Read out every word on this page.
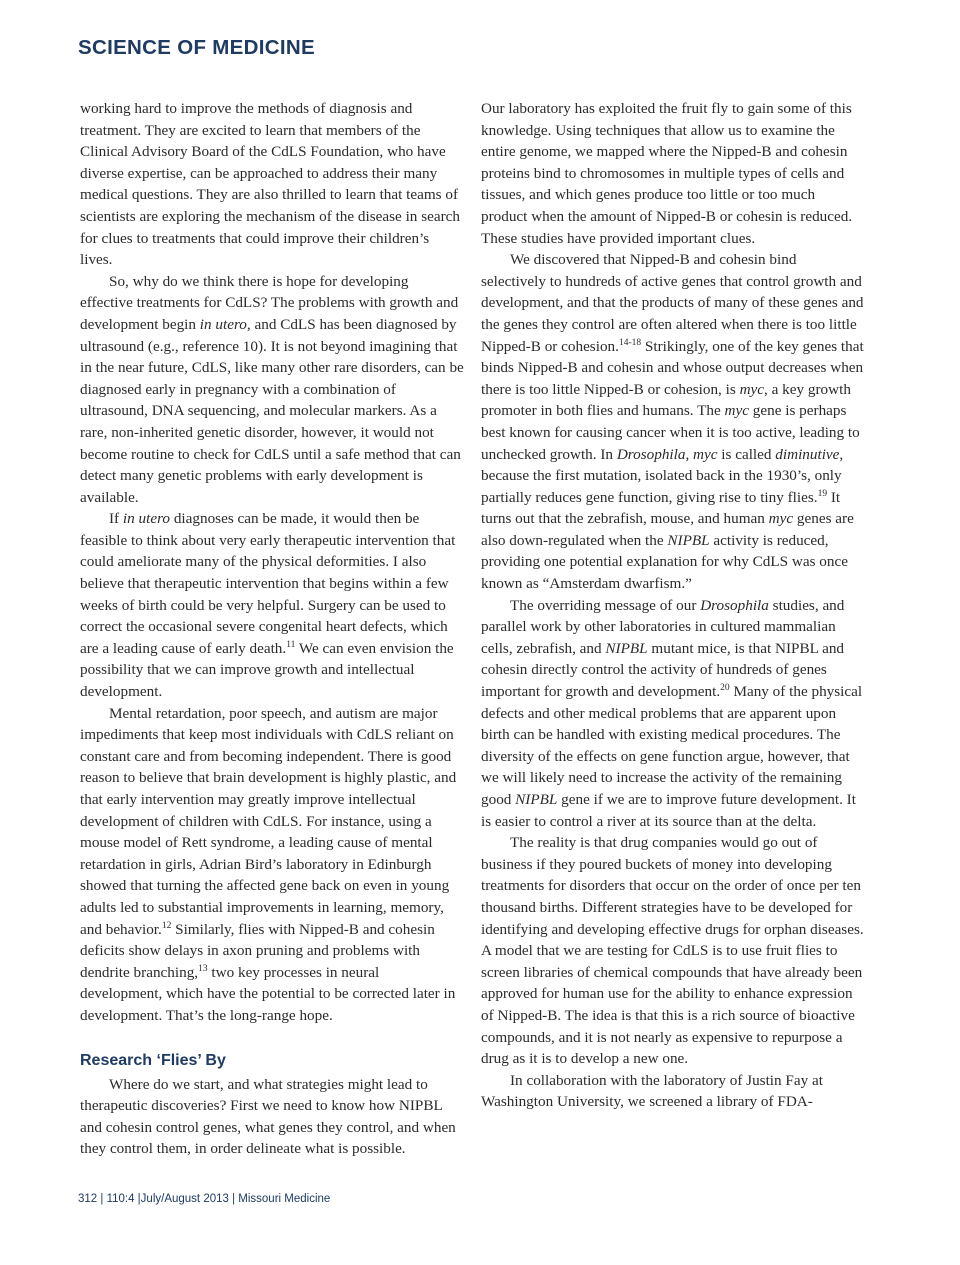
SCIENCE OF MEDICINE

working hard to improve the methods of diagnosis and treatment. They are excited to learn that members of the Clinical Advisory Board of the CdLS Foundation, who have diverse expertise, can be approached to address their many medical questions. They are also thrilled to learn that teams of scientists are exploring the mechanism of the disease in search for clues to treatments that could improve their children’s lives.

So, why do we think there is hope for developing effective treatments for CdLS? The problems with growth and development begin in utero, and CdLS has been diagnosed by ultrasound (e.g., reference 10). It is not beyond imagining that in the near future, CdLS, like many other rare disorders, can be diagnosed early in pregnancy with a combination of ultrasound, DNA sequencing, and molecular markers. As a rare, non-inherited genetic disorder, however, it would not become routine to check for CdLS until a safe method that can detect many genetic problems with early development is available.

If in utero diagnoses can be made, it would then be feasible to think about very early therapeutic intervention that could ameliorate many of the physical deformities. I also believe that therapeutic intervention that begins within a few weeks of birth could be very helpful. Surgery can be used to correct the occasional severe congenital heart defects, which are a leading cause of early death.$^{11}$ We can even envision the possibility that we can improve growth and intellectual development.

Mental retardation, poor speech, and autism are major impediments that keep most individuals with CdLS reliant on constant care and from becoming independent. There is good reason to believe that brain development is highly plastic, and that early intervention may greatly improve intellectual development of children with CdLS. For instance, using a mouse model of Rett syndrome, a leading cause of mental retardation in girls, Adrian Bird’s laboratory in Edinburgh showed that turning the affected gene back on even in young adults led to substantial improvements in learning, memory, and behavior.$^{12}$ Similarly, flies with Nipped-B and cohesin deficits show delays in axon pruning and problems with dendrite branching,$^{13}$ two key processes in neural development, which have the potential to be corrected later in development. That’s the long-range hope.

Research ‘Flies’ By

Where do we start, and what strategies might lead to therapeutic discoveries? First we need to know how NIPBL and cohesin control genes, what genes they control, and when they control them, in order delineate what is possible.

Our laboratory has exploited the fruit fly to gain some of this knowledge. Using techniques that allow us to examine the entire genome, we mapped where the Nipped-B and cohesin proteins bind to chromosomes in multiple types of cells and tissues, and which genes produce too little or too much product when the amount of Nipped-B or cohesin is reduced. These studies have provided important clues.

We discovered that Nipped-B and cohesin bind selectively to hundreds of active genes that control growth and development, and that the products of many of these genes and the genes they control are often altered when there is too little Nipped-B or cohesion.$^{14-18}$ Strikingly, one of the key genes that binds Nipped-B and cohesin and whose output decreases when there is too little Nipped-B or cohesion, is myc, a key growth promoter in both flies and humans. The myc gene is perhaps best known for causing cancer when it is too active, leading to unchecked growth. In Drosophila, myc is called diminutive, because the first mutation, isolated back in the 1930’s, only partially reduces gene function, giving rise to tiny flies.$^{19}$ It turns out that the zebrafish, mouse, and human myc genes are also down-regulated when the NIPBL activity is reduced, providing one potential explanation for why CdLS was once known as “Amsterdam dwarfism.”

The overriding message of our Drosophila studies, and parallel work by other laboratories in cultured mammalian cells, zebrafish, and NIPBL mutant mice, is that NIPBL and cohesin directly control the activity of hundreds of genes important for growth and development.$^{20}$ Many of the physical defects and other medical problems that are apparent upon birth can be handled with existing medical procedures. The diversity of the effects on gene function argue, however, that we will likely need to increase the activity of the remaining good NIPBL gene if we are to improve future development. It is easier to control a river at its source than at the delta.

The reality is that drug companies would go out of business if they poured buckets of money into developing treatments for disorders that occur on the order of once per ten thousand births. Different strategies have to be developed for identifying and developing effective drugs for orphan diseases. A model that we are testing for CdLS is to use fruit flies to screen libraries of chemical compounds that have already been approved for human use for the ability to enhance expression of Nipped-B. The idea is that this is a rich source of bioactive compounds, and it is not nearly as expensive to repurpose a drug as it is to develop a new one.

In collaboration with the laboratory of Justin Fay at Washington University, we screened a library of FDA-

312 | 110:4 |July/August 2013 | Missouri Medicine
